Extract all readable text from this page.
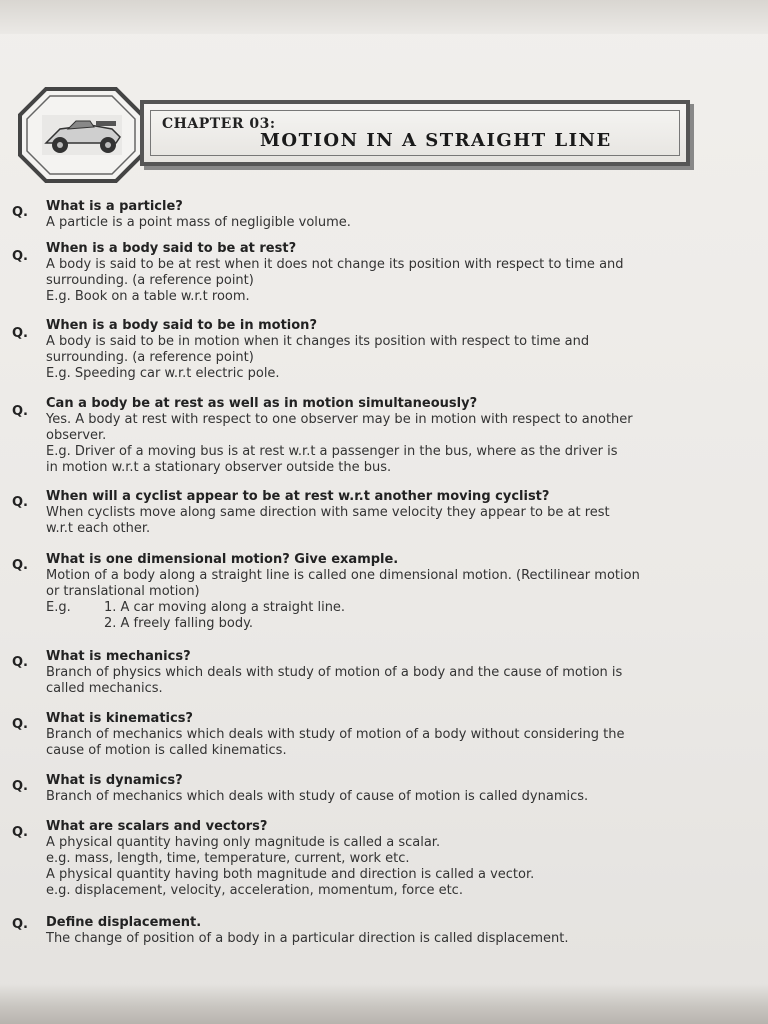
CHAPTER 03:
MOTION IN A STRAIGHT LINE
Q. What is a particle?
A particle is a point mass of negligible volume.
Q.
When is a body said to be at rest?
A body is said to be at rest when it does not change its position with respect to time and
surrounding. (a reference point)
E.g. Book on a table w.r.t room.
Q.
When is a body said to be in motion?
A body is said to be in motion when it changes its position with respect to time and
surrounding. (a reference point)
E.g. Speeding car w.r.t electric pole.
Q.
Can a body be at rest as well as in motion simultaneously?
Yes. A body at rest with respect to one observer may be in motion with respect to another
observer.
E.g. Driver of a moving bus is at rest w.r.t a passenger in the bus, where as the driver is
in motion w.r.t a stationary observer outside the bus.
Q. When will a cyclist appear to be at rest w.r.t another moving cyclist?
When cyclists move along same direction with same velocity they appear to be at rest
w.r.t each other.
Q. What is one dimensional motion? Give example.
Motion of a body along a straight line is called one dimensional motion. (Rectilinear motion
or translational motion)
E.g.	1. A car moving along a straight line.
2. A freely falling body.
Q. What is mechanics?
Branch of physics which deals with study of motion of a body and the cause of motion is
called mechanics.
Q. What is kinematics?
Branch of mechanics which deals with study of motion of a body without considering the
cause of motion is called kinematics.
Q. What is dynamics?
Branch of mechanics which deals with study of cause of motion is called dynamics.
Q. What are scalars and vectors?
A physical quantity having only magnitude is called a scalar.
e.g. mass, length, time, temperature, current, work etc.
A physical quantity having both magnitude and direction is called a vector.
e.g. displacement, velocity, acceleration, momentum, force etc.
Q. Define displacement.
The change of position of a body in a particular direction is called displacement.
